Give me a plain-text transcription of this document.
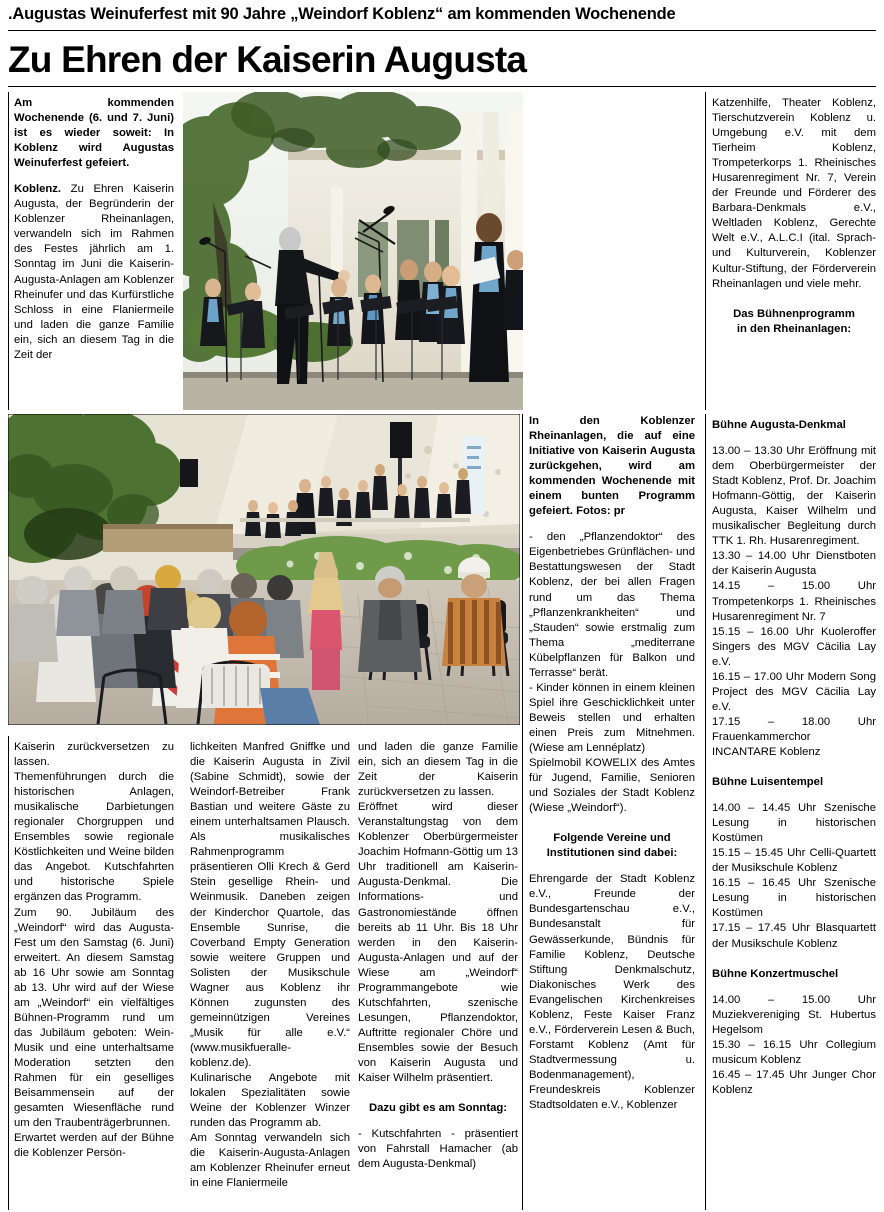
.Augustas Weinuferfest mit 90 Jahre „Weindorf Koblenz“ am kommenden Wochenende
Zu Ehren der Kaiserin Augusta

Am kommenden Wochenende (6. und 7. Juni) ist es wieder soweit: In Koblenz wird Augustas Weinuferfest gefeiert.

Koblenz. Zu Ehren Kaiserin Augusta, der Begründerin der Koblenzer Rheinanlagen, verwandeln sich im Rahmen des Festes jährlich am 1. Sonntag im Juni die Kaiserin-Augusta-Anlagen am Koblenzer Rheinufer und das Kurfürstliche Schloss in eine Flaniermeile und laden die ganze Familie ein, sich an diesem Tag in die Zeit der

Katzenhilfe, Theater Koblenz, Tierschutzverein Koblenz u. Umgebung e.V. mit dem Tierheim Koblenz, Trompeterkorps 1. Rheinisches Husarenregiment Nr. 7, Verein der Freunde und Förderer des Barbara-Denkmals e.V., Weltladen Koblenz, Gerechte Welt e.V., A.L.C.I (ital. Sprach- und Kulturverein, Koblenzer Kultur-Stiftung, der Förderverein Rheinanlagen und viele mehr.

Das Bühnenprogramm

in den Rheinanlagen:

Bühne Augusta-Denkmal

13.00 – 13.30 Uhr Eröffnung mit dem Oberbürgermeister der Stadt Koblenz, Prof. Dr. Joachim Hofmann-Göttig, der Kaiserin Augusta, Kaiser Wilhelm und musikalischer Begleitung durch TTK 1. Rh. Husarenregiment.

13.30 – 14.00 Uhr Dienstboten der Kaiserin Augusta

14.15 – 15.00 Uhr Trompetenkorps 1. Rheinisches Husarenregiment Nr. 7

15.15 – 16.00 Uhr Kuoleroffer Singers des MGV Cäcilia Lay e.V.

16.15 – 17.00 Uhr Modern Song Project des MGV Cäcilia Lay e.V.

17.15 – 18.00 Uhr Frauenkammerchor INCANTARE Koblenz

Bühne Luisentempel

14.00 – 14.45 Uhr Szenische Lesung in historischen Kostümen

15.15 – 15.45 Uhr Celli-Quartett der Musikschule Koblenz

16.15 – 16.45 Uhr Szenische Lesung in historischen Kostümen

17.15 – 17.45 Uhr Blasquartett der Musikschule Koblenz

Bühne Konzertmuschel

14.00 – 15.00 Uhr Muziekvereniging St. Hubertus Hegelsom

15.30 – 16.15 Uhr Collegium musicum Koblenz

16.45 – 17.45 Uhr Junger Chor Koblenz

In den Koblenzer Rheinanlagen, die auf eine Initiative von Kaiserin Augusta zurückgehen, wird am kommenden Wochenende mit einem bunten Programm gefeiert. Fotos: pr

- den „Pflanzendoktor“ des Eigenbetriebes Grünflächen- und Bestattungswesen der Stadt Koblenz, der bei allen Fragen rund um das Thema „Pflanzenkrankheiten“ und „Stauden“ sowie erstmalig zum Thema „mediterrane Kübelpflanzen für Balkon und Terrasse“ berät.

- Kinder können in einem kleinen Spiel ihre Geschicklichkeit unter Beweis stellen und erhalten einen Preis zum Mitnehmen. (Wiese am Lennéplatz)

Spielmobil KOWELIX des Amtes für Jugend, Familie, Senioren und Soziales der Stadt Koblenz (Wiese „Weindorf“).

Folgende Vereine und

Institutionen sind dabei:

Ehrengarde der Stadt Koblenz e.V., Freunde der Bundesgartenschau e.V., Bundesanstalt für Gewässerkunde, Bündnis für Familie Koblenz, Deutsche Stiftung Denkmalschutz, Diakonisches Werk des Evangelischen Kirchenkreises Koblenz, Feste Kaiser Franz e.V., Förderverein Lesen & Buch, Forstamt Koblenz (Amt für Stadtvermessung u. Bodenmanagement), Freundeskreis Koblenzer Stadtsoldaten e.V., Koblenzer

Kaiserin zurückversetzen zu lassen.

Themenführungen durch die historischen Anlagen, musikalische Darbietungen regionaler Chorgruppen und Ensembles sowie regionale Köstlichkeiten und Weine bilden das Angebot. Kutschfahrten und historische Spiele ergänzen das Programm.

Zum 90. Jubiläum des „Weindorf“ wird das Augusta-Fest um den Samstag (6. Juni) erweitert. An diesem Samstag ab 16 Uhr sowie am Sonntag ab 13. Uhr wird auf der Wiese am „Weindorf“ ein vielfältiges Bühnen-Programm rund um das Jubiläum geboten: Wein-Musik und eine unterhaltsame Moderation setzten den Rahmen für ein geselliges Beisammensein auf der gesamten Wiesenfläche rund um den Traubenträgerbrunnen.

Erwartet werden auf der Bühne die Koblenzer Persön-

lichkeiten Manfred Gniffke und die Kaiserin Augusta in Zivil (Sabine Schmidt), sowie der Weindorf-Betreiber Frank Bastian und weitere Gäste zu einem unterhaltsamen Plausch. Als musikalisches Rahmenprogramm präsentieren Olli Krech & Gerd Stein gesellige Rhein- und Weinmusik. Daneben zeigen der Kinderchor Quartole, das Ensemble Sunrise, die Coverband Empty Generation sowie weitere Gruppen und Solisten der Musikschule Wagner aus Koblenz ihr Können zugunsten des gemeinnützigen Vereines „Musik für alle e.V.“ (www.musikfueralle-koblenz.de).

Kulinarische Angebote mit lokalen Spezialitäten sowie Weine der Koblenzer Winzer runden das Programm ab.

Am Sonntag verwandeln sich die Kaiserin-Augusta-Anlagen am Koblenzer Rheinufer erneut in eine Flaniermeile

und laden die ganze Familie ein, sich an diesem Tag in die Zeit der Kaiserin zurückversetzen zu lassen.

Eröffnet wird dieser Veranstaltungstag von dem Koblenzer Oberbürgermeister Joachim Hofmann-Göttig um 13 Uhr traditionell am Kaiserin-Augusta-Denkmal. Die Informations- und Gastronomiestände öffnen bereits ab 11 Uhr. Bis 18 Uhr werden in den Kaiserin-Augusta-Anlagen und auf der Wiese am „Weindorf“ Programmangebote wie Kutschfahrten, szenische Lesungen, Pflanzendoktor, Auftritte regionaler Chöre und Ensembles sowie der Besuch von Kaiserin Augusta und Kaiser Wilhelm präsentiert.

Dazu gibt es am Sonntag:

- Kutschfahrten - präsentiert von Fahrstall Hamacher (ab dem Augusta-Denkmal)
